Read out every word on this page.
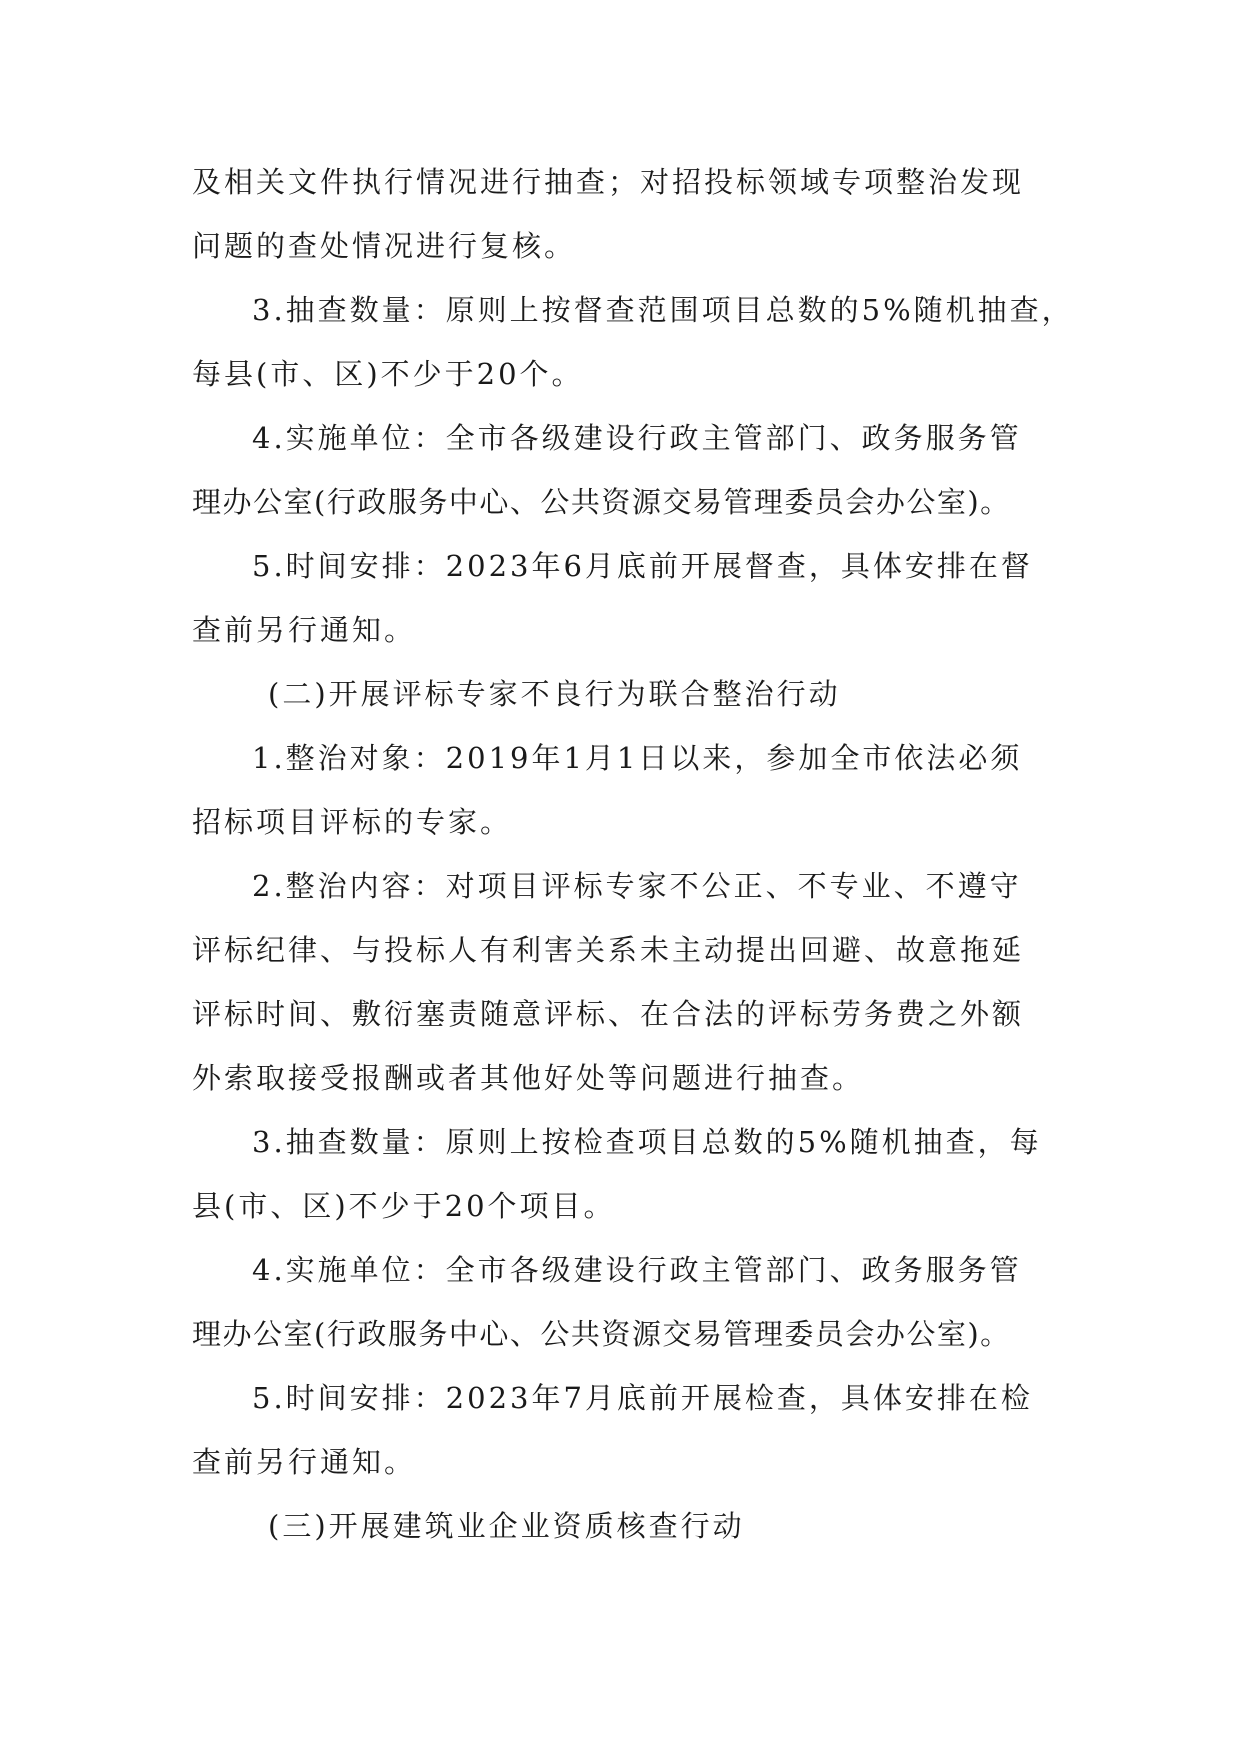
及相关文件执行情况进行抽查；对招投标领域专项整治发现
问题的查处情况进行复核。
3.抽查数量：原则上按督查范围项目总数的5%随机抽查，
每县(市、区)不少于20个。
4.实施单位：全市各级建设行政主管部门、政务服务管
理办公室(行政服务中心、公共资源交易管理委员会办公室)。
5.时间安排：2023年6月底前开展督查，具体安排在督
查前另行通知。
(二)开展评标专家不良行为联合整治行动
1.整治对象：2019年1月1日以来，参加全市依法必须
招标项目评标的专家。
2.整治内容：对项目评标专家不公正、不专业、不遵守
评标纪律、与投标人有利害关系未主动提出回避、故意拖延
评标时间、敷衍塞责随意评标、在合法的评标劳务费之外额
外索取接受报酬或者其他好处等问题进行抽查。
3.抽查数量：原则上按检查项目总数的5%随机抽查，每
县(市、区)不少于20个项目。
4.实施单位：全市各级建设行政主管部门、政务服务管
理办公室(行政服务中心、公共资源交易管理委员会办公室)。
5.时间安排：2023年7月底前开展检查，具体安排在检
查前另行通知。
(三)开展建筑业企业资质核查行动
